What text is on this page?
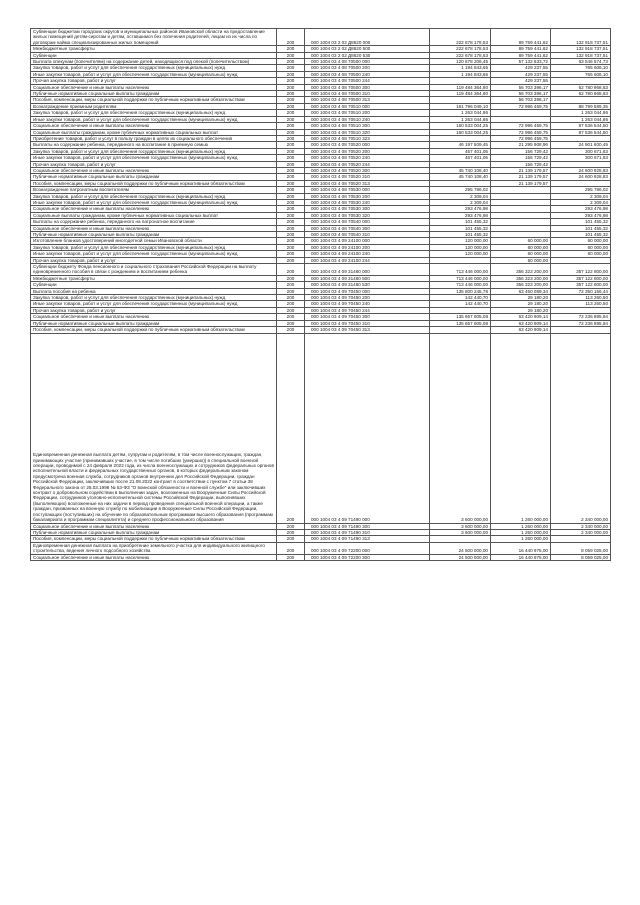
Субвенции бюджетам городских округов и муниципальных районов Ивановской области на предоставление жилых помещений детям-сиротам и детям, оставшимся без попечения родителей, лицам из их числа по договорам найма специализированных жилых помещений	200	000 1004 03 2 02 Д8620 000	222 678 178,53	89 759 441,62	132 918 737,51
Межбюджетные трансферты	200	000 1004 03 2 02 Д8620 500	222 678 178,53	89 759 441,62	132 918 737,51
Субвенции	200	000 1004 03 2 02 Д8620 530	222 678 178,53	89 759 441,62	132 918 737,51
Выплата опекунам (попечителям) на содержание детей, находящихся под опекой (попечительством)	200	000 1004 03 4 08 70500 000	120 678 206,45	57 132 633,72	63 546 574,73
Закупка товаров, работ и услуг для обеспечения государственных (муниципальных) нужд	200	000 1004 03 4 08 70500 200	1 194 843,65	429 237,55	765 606,10
Иные закупки товаров, работ и услуг для обеспечения государственных (муниципальных) нужд	200	000 1004 03 4 08 70500 240	1 194 843,65	429 237,55	765 606,10
Прочая закупка товаров, работ и услуг	200	000 1004 03 4 08 70500 244		429 237,55	
Социальное обеспечение и иные выплаты населению	200	000 1004 03 4 08 70500 300	119 484 364,80	56 703 396,17	62 780 968,63
Публичные нормативные социальные выплаты гражданам	200	000 1004 03 4 08 70500 310	119 484 364,80	56 703 396,17	62 780 968,63
Пособия, компенсации, меры социальной поддержки по публичным нормативным обязательствам	200	000 1004 03 4 08 70500 313		56 703 396,17	
Вознаграждение приемным родителям	200	000 1004 03 4 08 70510 000	161 796 049,10	72 996 459,75	88 799 589,35
Закупка товаров, работ и услуг для обеспечения государственных (муниципальных) нужд	200	000 1004 03 4 08 70510 200	1 263 044,86		1 263 044,86
Иные закупки товаров, работ и услуг для обеспечения государственных (муниципальных) нужд	200	000 1004 03 4 08 70510 240	1 263 044,86		1 263 044,86
Социальное обеспечение и иные выплаты населению	200	000 1004 03 4 08 70510 300	160 533 004,25	72 996 459,75	87 536 544,50
Социальные выплаты гражданам, кроме публичных нормативных социальных выплат	200	000 1004 03 4 08 70510 320	160 533 004,25	72 996 459,75	87 536 544,50
Приобретение товаров, работ и услуг в пользу граждан в целях их социального обеспечения	200	000 1004 03 4 08 70510 323		72 996 459,75	
Выплаты на содержание ребенка, переданного на воспитание в приемную семью	200	000 1004 03 4 08 70520 000	46 197 509,45	21 295 908,96	24 901 600,49
Закупка товаров, работ и услуг для обеспечения государственных (муниципальных) нужд	200	000 1004 03 4 08 70520 200	457 401,05	156 729,42	300 671,63
Иные закупки товаров, работ и услуг для обеспечения государственных (муниципальных) нужд	200	000 1004 03 4 08 70520 240	457 401,05	156 729,42	300 671,63
Прочая закупка товаров, работ и услуг	200	000 1004 03 4 08 70520 244		156 729,42	
Социальное обеспечение и иные выплаты населению	200	000 1004 03 4 08 70520 300	45 740 108,40	21 139 179,57	24 600 928,83
Публичные нормативные социальные выплаты гражданам	200	000 1004 03 4 08 70520 310	45 740 108,40	21 139 179,57	24 600 928,83
Пособия, компенсации, меры социальной поддержки по публичным нормативным обязательствам	200	000 1004 03 4 08 70520 313		21 139 179,57	
Вознаграждение патронатным воспитателям	200	000 1004 03 4 08 70530 000	295 786,02		295 786,02
Закупка товаров, работ и услуг для обеспечения государственных (муниципальных) нужд	200	000 1004 03 4 08 70530 200	2 309,04		2 309,04
Иные закупки товаров, работ и услуг для обеспечения государственных (муниципальных) нужд	200	000 1004 03 4 08 70530 240	2 309,04		2 309,04
Социальное обеспечение и иные выплаты населению	200	000 1004 03 4 08 70530 300	293 476,98		293 476,98
Социальные выплаты гражданам, кроме публичных нормативных социальных выплат	200	000 1004 03 4 08 70530 320	293 476,98		293 476,98
Выплаты на содержание ребенка, переданного на патронатное воспитание	200	000 1004 03 4 08 70540 000	101 455,32		101 455,32
Социальное обеспечение и иные выплаты населению	200	000 1004 03 4 08 70540 300	101 455,32		101 455,32
Публичные нормативные социальные выплаты гражданам	200	000 1004 03 4 08 70540 310	101 455,32		101 455,32
Изготовление бланков удостоверений многодетной семьи Ивановской области	200	000 1004 03 4 09 24100 000	120 000,00	60 000,00	60 000,00
Закупка товаров, работ и услуг для обеспечения государственных (муниципальных) нужд	200	000 1004 03 4 09 24100 200	120 000,00	60 000,00	60 000,00
Иные закупки товаров, работ и услуг для обеспечения государственных (муниципальных) нужд	200	000 1004 03 4 09 24100 240	120 000,00	60 000,00	60 000,00
Прочая закупка товаров, работ и услуг	200	000 1004 03 4 09 24100 244		60 000,00	
Субвенции бюджету Фонда пенсионного и социального страхования Российской Федерации на выплату единовременного пособия в связи с рождением и воспитанием ребенка	200	000 1004 03 4 09 31460 000	713 446 000,00	356 323 200,00	357 122 800,00
Межбюджетные трансферты	200	000 1004 03 4 09 31460 500	713 446 000,00	356 323 200,00	357 122 800,00
Субвенции	200	000 1004 03 4 09 31460 530	713 446 000,00	356 323 200,00	357 122 800,00
Выплата пособия на ребенка	200	000 1004 03 4 09 70450 000	135 800 245,78	63 450 089,34	72 350 156,44
Закупка товаров, работ и услуг для обеспечения государственных (муниципальных) нужд	200	000 1004 03 4 09 70450 200	142 440,70	29 180,20	113 260,50
Иные закупки товаров, работ и услуг для обеспечения государственных (муниципальных) нужд	200	000 1004 03 4 09 70450 240	142 440,70	29 180,20	113 260,50
Прочая закупка товаров, работ и услуг	200	000 1004 03 4 09 70450 244		29 180,20	
Социальное обеспечение и иные выплаты населению	200	000 1004 03 4 09 70450 300	135 657 805,08	63 420 909,14	72 236 895,94
Публичные нормативные социальные выплаты гражданам	200	000 1004 03 4 09 70450 310	135 657 805,08	63 420 909,14	72 236 895,94
Пособия, компенсации, меры социальной поддержки по публичным нормативным обязательствам	200	000 1004 03 4 09 70450 313		63 420 909,14	
Единовременная денежная выплата детям, супругам и родителям, в том числе военнослужащих, граждан, принимающих участие (принимавших участие, в том числе погибших (умерших)) в специальной военной операции, проводимой с 24 февраля 2022 года, из числа военнослужащих и сотрудников федеральных органов исполнительной власти и федеральных государственных органов, в которых федеральным законом предусмотрена военная служба, сотрудников органов внутренних дел Российской Федерации, граждан Российской Федерации, заключивших после 21.09.2022 контракт в соответствии с пунктом 7 статьи 38 Федерального закона от 28.03.1998 № 53-ФЗ "О воинской обязанности и военной службе" или заключивших контракт о добровольном содействии в выполнении задач, возложенных на Вооруженные Силы Российской Федерации, сотрудников уголовно-исполнительной системы Российской Федерации, выполнявших (выполняющих) возложенные на них задачи в период проведения специальной военной операции, а также граждан, призванных на военную службу по мобилизации в Вооруженные Силы Российской Федерации, поступающих (поступивших) на обучение по образовательным программам высшего образования (программам бакалавриата и программам специалитета) и среднего профессионального образования	200	000 1004 03 4 09 71490 000	3 600 000,00	1 260 000,00	2 340 000,00
Социальное обеспечение и иные выплаты населению	200	000 1004 03 4 09 71490 300	3 600 000,00	1 260 000,00	2 340 000,00
Публичные нормативные социальные выплаты гражданам	200	000 1004 03 4 09 71490 310	3 600 000,00	1 260 000,00	2 340 000,00
Пособия, компенсации, меры социальной поддержки по публичным нормативным обязательствам	200	000 1004 03 4 09 71490 313		1 260 000,00	
Единовременная денежная выплата на приобретение земельного участка для индивидуального жилищного строительства, ведения личного подсобного хозяйства	200	000 1004 03 4 09 72200 000	24 500 000,00	16 440 975,00	8 059 025,00
Социальное обеспечение и иные выплаты населению	200	000 1004 03 4 09 72200 300	24 500 000,00	16 440 975,00	8 059 025,00
